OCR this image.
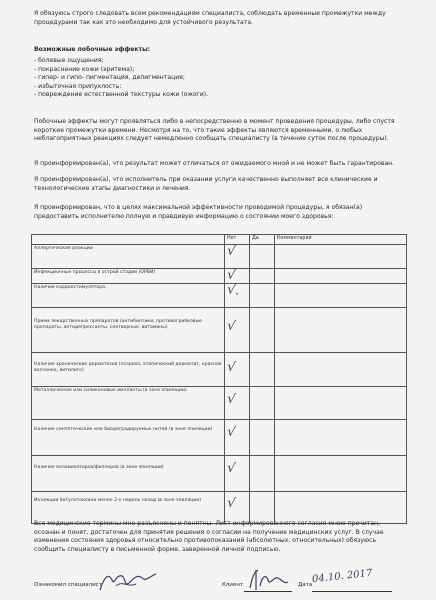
Я обязуюсь строго следовать всем рекомендациям специалиста, соблюдать временные промежутки между процедурами так как это необходимо для устойчивого результата.

Возможные побочные эффекты:

- болевые ощущения;
- покраснение кожи (эритема);
- гипер- и гипо- пигментация, депигментация;
- избыточная припухлость;
- повреждение естественной текстуры кожи (ожоги).

Побочные эффекты могут проявляться либо в непосредственно в момент проведения процедуры, либо спустя короткие промежутки времени. Несмотря на то, что такие эффекты являются временными, о любых неблагоприятных реакциях следует немедленно сообщать специалисту (в течение суток после процедуры).

Я проинформирован(а), что результат может отличаться от ожидаемого мной и не может быть гарантирован.

Я проинформирован(а), что исполнитель при оказании услуги качественно выполняет все клинические и технологические этапы диагностики и лечения.

Я проинформирован, что в целях максимальной эффективности проводимой процедуры, я обязан(а) предоставить исполнителю полную и правдивую информацию о состоянии моего здоровья:

	Нет	Да	Комментарий
Аллергические реакции	√		
Инфекционные процессы в острой стадии (ОРВИ)	√		
Наличие кардиостимулятора.	√.		

Прием лекарственных препаратов (антибиотики, противогрибковые препараты, антидепрессанты, снотворные, витамины)	√		

Наличие хронических дерматозов (псориаз, атопический дерматит, красная волчанка, витилиго)	√		
Металлические или силиконовые импланты (в зоне эпиляции)	√		

Наличие синтетических или биодеградируемых нитей (в зоне эпиляции)	√		

Наличие воломизаторов/филлеров (в зоне эпиляции)	√		

Инъекции ботулотоксина менее 2-х недель назад (в зоне эпиляции)	√		

Все медицинские термины мне разъяснены и понятны. Лист информированного согласия мною прочитан, осознан и понят, достаточен для принятия решения о согласии на получение медицинских услуг. В случае изменения состояния здоровья относительно противопоказаний (абсолютных, относительных) обязуюсь сообщить специалисту в письменной форме, заверенной личной подписью.

Ознакомил специалист	Клиент	Дата 04.10. 2017
